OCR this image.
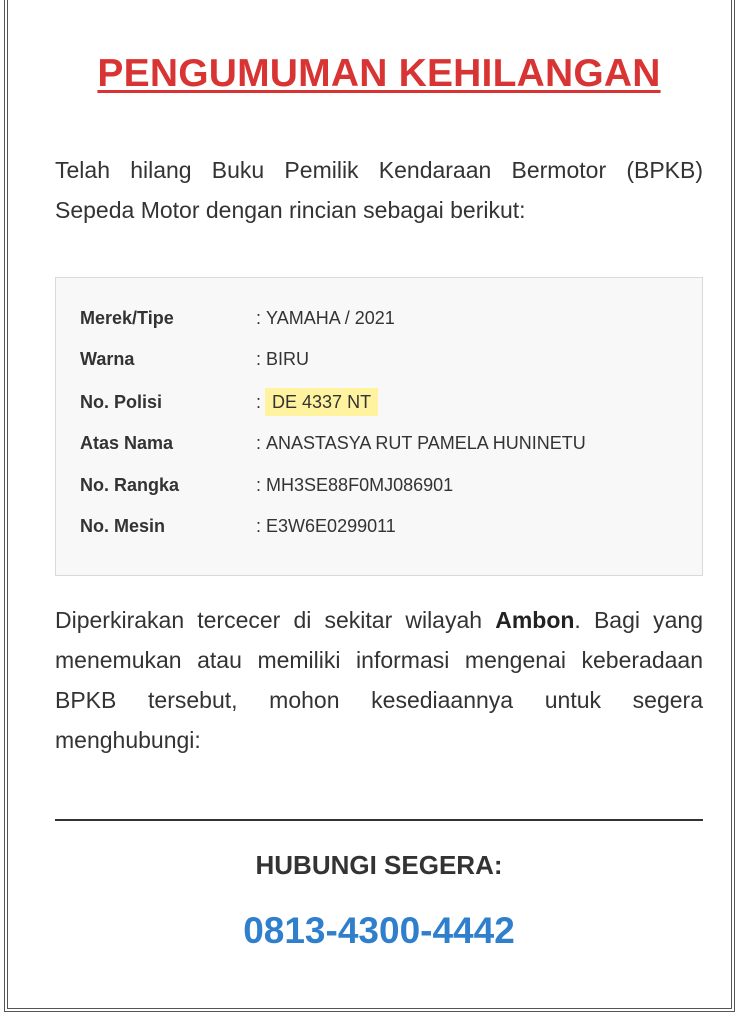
PENGUMUMAN KEHILANGAN
Telah hilang Buku Pemilik Kendaraan Bermotor (BPKB) Sepeda Motor dengan rincian sebagai berikut:
Merek/Tipe	: YAMAHA / 2021
Warna	: BIRU
No. Polisi	: DE 4337 NT
Atas Nama	: ANASTASYA RUT PAMELA HUNINETU
No. Rangka	: MH3SE88F0MJ086901
No. Mesin	: E3W6E0299011
Diperkirakan tercecer di sekitar wilayah Ambon. Bagi yang menemukan atau memiliki informasi mengenai keberadaan BPKB tersebut, mohon kesediaannya untuk segera menghubungi:
HUBUNGI SEGERA:
0813-4300-4442
